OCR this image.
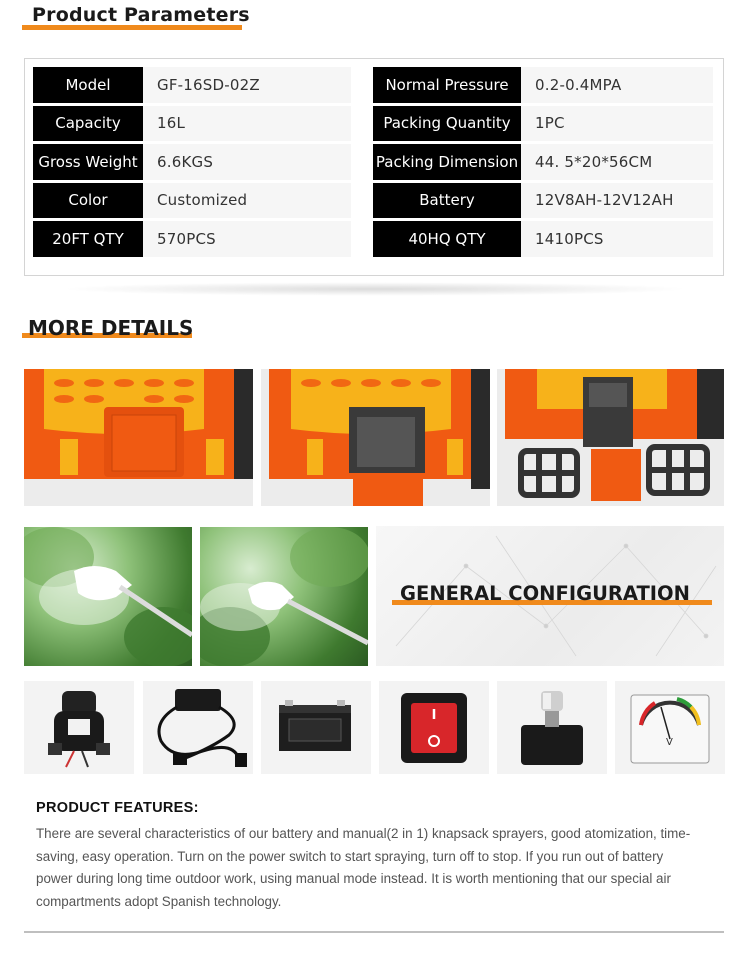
Product Parameters
Model	GF-16SD-02Z
Capacity	16L
Gross Weight	6.6KGS
Color	Customized
20FT QTY	570PCS
Normal Pressure	0.2-0.4MPA
Packing Quantity	1PC
Packing Dimension	44. 5*20*56CM
Battery	12V8AH-12V12AH
40HQ QTY	1410PCS
MORE DETAILS
GENERAL CONFIGURATION
V
PRODUCT FEATURES:
There are several characteristics of our battery and manual(2 in 1) knapsack sprayers, good atomization, time-saving, easy operation. Turn on the power switch to start spraying, turn off to stop. If you run out of battery power during long time outdoor work, using manual mode instead. It is worth mentioning that our special air compartments adopt Spanish technology.
